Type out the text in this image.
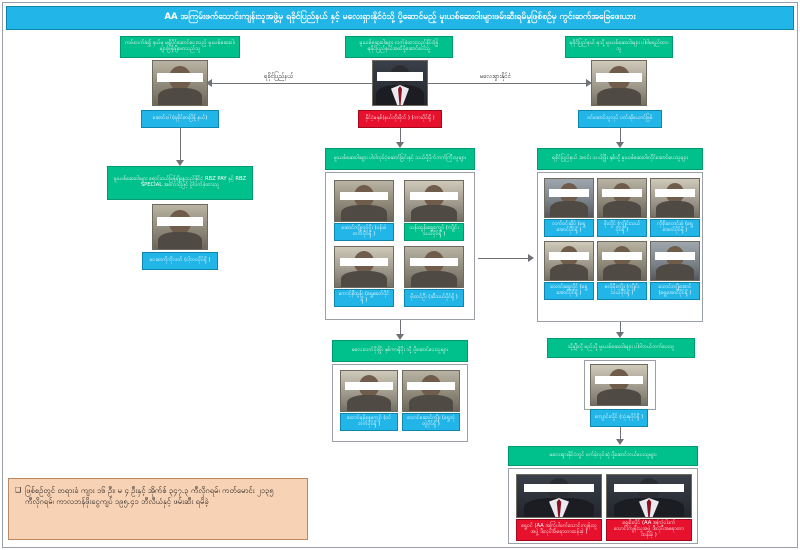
AA အကြမ်းဖက်သောင်းကျန်းသူအဖွဲ့မှ ရခိုင်ပြည်နယ် နှင့် မလေးရှားနိုင်ငံသို့ ပို့ဆောင်မည့် မူးယစ်ဆေးဝါးများဖမ်းဆီးရမိမှုဖြစ်စဉ်မှ ကွင်းဆက်အခြေဖေးယား
ကမ်းလက်ခံ၍ နယ်မှ မရှိပိုင့်ဆောင်ပေးသည့် မူးယစ်ဆေးဝါးများဖြန့်ချိဖောသည်သူ
မူးယစ်ဆေးဝါးများ လက်ခံထားသည့်နိုင်ငံခြံ့ ရခိုင်ပြည်နယ်အထိပို့ဆောင်ပေးသူ
ရခိုင်ပြည်နယ် မှသို့ မူးယစ်ဆေးဝါးများ ပါဝါမရည်ထားသူ
ဆောင်းပါ (ရခိုင်စားပြိန့် နယ်)	နိုင်ငံ့မနှစ်(နယ်ဘိုးဗိုလ် ) (ကားပိုင်ရှိ )	ဝင်ဆောင်သူလုပ် ပတ်ဆိုယောင်ဖြစ်
ရခိုင်ပြည်နယ်	မလေးရှားနိုင်ငံ
မူးယစ်ဆေးဝါးများ ရောင်းဝယ်ဖြန့်ချိနေသည့်နိုင်ငံ RBZ PAY နှင့် RBZ SPECIAL အကောင့်ဖြင့် ပူလက်ခဲ့ထားသူ
ဝေဆာကိုကိုလတ် (ငါ့ဘဝပိုင်ရှိ )
မူးယစ်ဆေးဝါးများ ပါဝါလုပ်ငံ့ဆောင်ခြင်းနှင့် သယ်ပို့ပိုက်ဘက်ကြီးသူများ
ဆောင်ကျိုလုပ်ပိုး (ပန်းခဲတက်ပိုင်ရှိ )
သန်းထွန်းရွှေကျော် (ကျိုင်းသယ်ပိုင်ရှိ )
ကောင့်နီထွန်း (ရွှေခေတ်ပိုင်ရှိ )	ဖိုးတင်ဦး (ဆီသယ်ပိုင်ရှိ )
မလေးလက်ပိုးဖြိုး နှစ်ကာရှိပိုး သို့ ပို့ဆောင်ပေးသူများ
ထောင်ရန်နေကျော် (ဝင်ဘက်ပိုင်ရှိ )
သောင်ဆောင်ကျိုး (ရွှေဘုံတွဲပိုင်ရှိ )
ရခိုင်ပြည်နယ် အဝင်း သယ်ဖြိုး နှစ်သို့ မူးယစ်ဆေးဝါးလိုင်ဆောင်ပေးသူများ
လက်ဝင်ဆိုပ် (ရွှေအောင်ပိုင်ရှိ )
ဖိုးလှိုင် (ကျိုင်းသယ်ပိုင်ရှိ )
ကိုစိုးလောင်းခဲ့ (ရွှေအောင်ပိုင်ရှိ )
သောင်းရွှေလှိုင် (ရွှေအောင်ပိုင်ရှိ )
စလိုမိုးကျိုး (ကျိုင်းသယ်ပိုင်ရှိ )
သောင်းကျိုအောင် (ရွှေအောင်ပိုင်ရှိ )
သို့မျှီးလို့ မည်သို့ မူးယစ်ဆေးဝါးများ ပါဝါဘယ်ဘက်ပေးသူ
ကျောင်းလှိုင် (သုံးရပိုင်ရှိ )
မလေးရှားနိုင်ငံတွင် ဖက်ခဲ့လုပ်ဆုံ ပို့ဆောင်ဘယ်ပေးသူများ
ရွှေဝင် (AA အကြံ့ပါဖက်သောင်းကျန်းသူအဖွဲ့ ဒီးလုပ်အရောတာထန်းခဲ့ )
ရွှေစိုးလှိုင် (AA အကြံ့ပါဖက်သောင်းကျန်းသူအဖွဲ့ ဒီးလုပ်အရောတာထန်းခဲ့ )
❑ ဖြစ်စဉ်တွင် တရားခံ ကျား ၁၆ ဦး၊ မ ၄ ဦးနှင့် အိုက်စ် ၃၄၇.၃ ကီလိုဂရမ်၊ ကတ်မောင်း ၂၁၃၅ ကီလိုဂရမ်၊ ကာလဘန်ဖိုးငွေကျပ် ၁၉၅.၄၁ ဘီလီယံနှင့် ဖမ်းဆီး ရမိခဲ့
